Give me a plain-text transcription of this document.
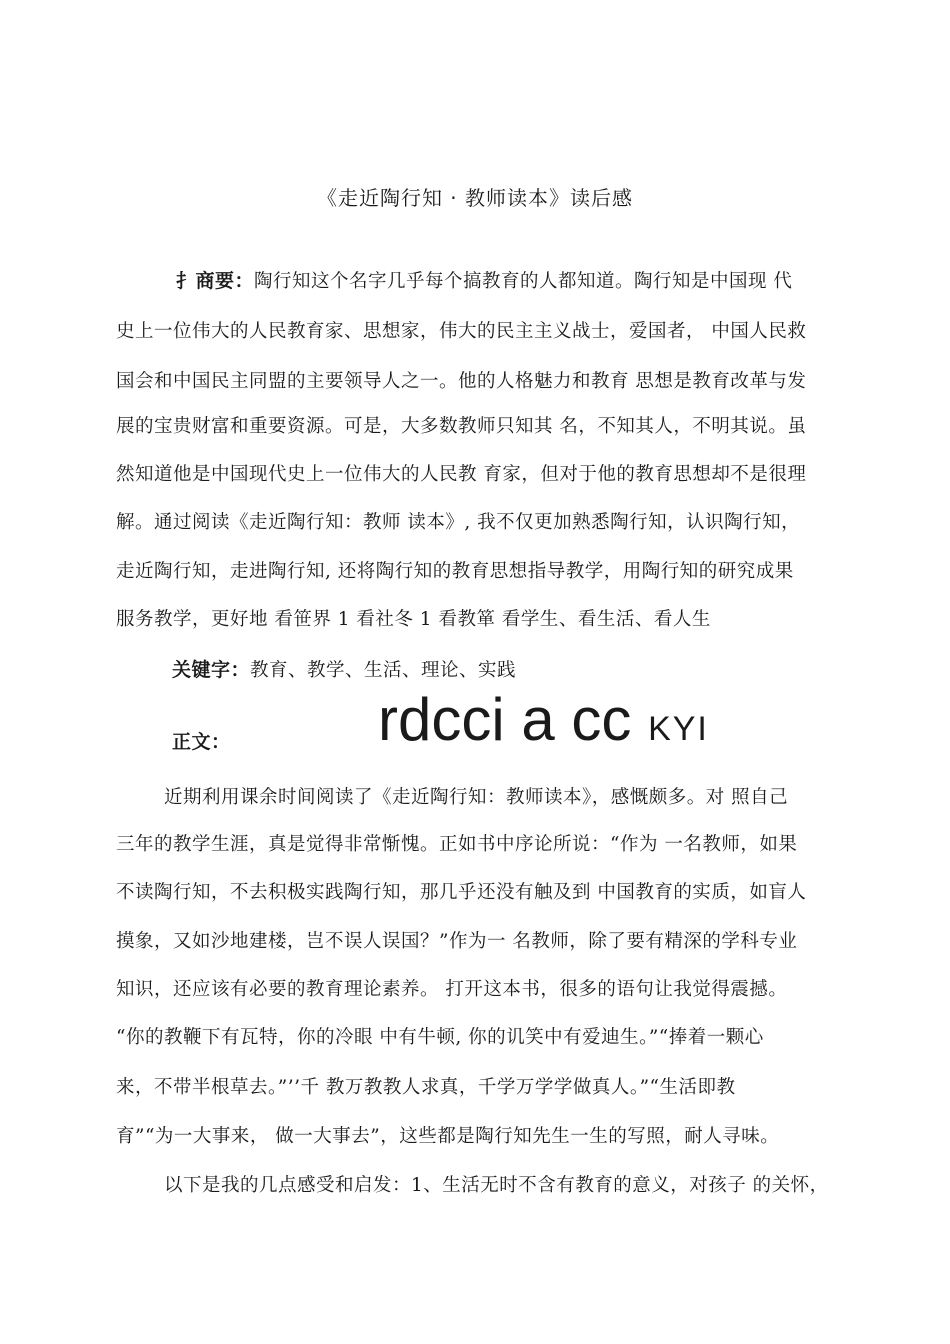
《走近陶行知 · 教师读本》读后感
扌商要：陶行知这个名字几乎每个搞教育的人都知道。陶行知是中国现 代
史上一位伟大的人民教育家、思想家，伟大的民主主义战士，爱国者， 中国人民救
国会和中国民主同盟的主要领导人之一。他的人格魅力和教育 思想是教育改革与发
展的宝贵财富和重要资源。可是，大多数教师只知其 名，不知其人，不明其说。虽
然知道他是中国现代史上一位伟大的人民教 育家，但对于他的教育思想却不是很理
解。通过阅读《走近陶行知：教师 读本》, 我不仅更加熟悉陶行知，认识陶行知，
走近陶行知，走进陶行知, 还将陶行知的教育思想指导教学，用陶行知的研究成果
服务教学，更好地 看笹界 1 看社冬 1 看教箪 看学生、看生活、看人生
关键字：教育、教学、生活、理论、实践
正文： rdcci a cc KYI
近期利用课余时间阅读了《走近陶行知：教师读本》，感慨颇多。对 照自己
三年的教学生涯，真是觉得非常惭愧。正如书中序论所说：“作为 一名教师，如果
不读陶行知，不去积极实践陶行知，那几乎还没有触及到 中国教育的实质，如盲人
摸象，又如沙地建楼，岂不误人误国？”作为一 名教师，除了要有精深的学科专业
知识，还应该有必要的教育理论素养。 打开这本书，很多的语句让我觉得震撼。
“你的教鞭下有瓦特，你的冷眼 中有牛顿, 你的讥笑中有爱迪生。”“捧着一颗心
来，不带半根草去。”’’千 教万教教人求真，千学万学学做真人。”“生活即教
育”“为一大事来， 做一大事去”，这些都是陶行知先生一生的写照，耐人寻味。
以下是我的几点感受和启发：1、生活无时不含有教育的意义，对孩子 的关怀，
